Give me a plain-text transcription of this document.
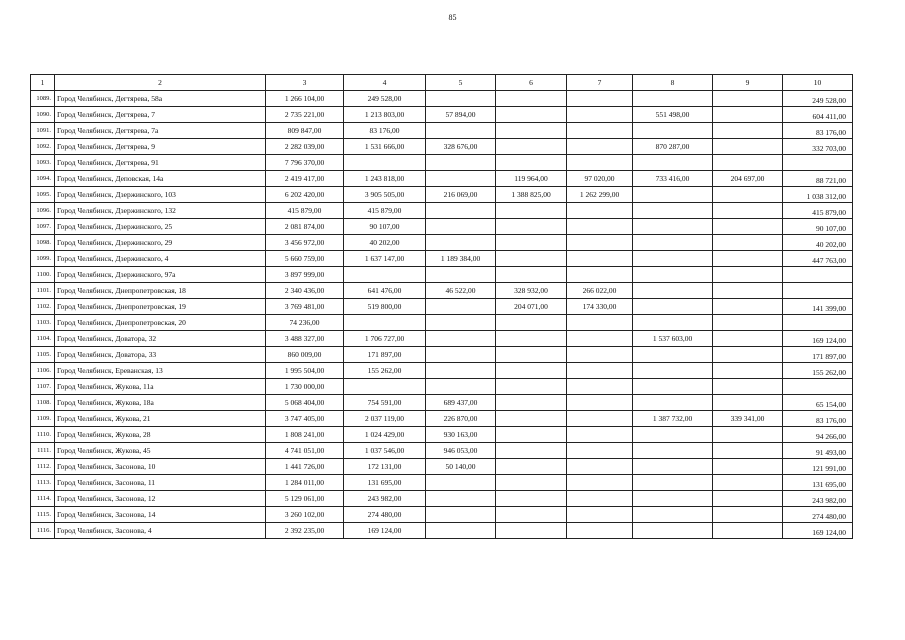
85
1	2	3	4	5	6	7	8	9	10
1089.	Город Челябинск, Дегтярева, 58а	1 266 104,00	249 528,00						249 528,00
1090.	Город Челябинск, Дегтярева, 7	2 735 221,00	1 213 803,00	57 894,00			551 498,00		604 411,00
1091.	Город Челябинск, Дегтярева, 7а	809 847,00	83 176,00						83 176,00
1092.	Город Челябинск, Дегтярева, 9	2 282 039,00	1 531 666,00	328 676,00			870 287,00		332 703,00
1093.	Город Челябинск, Дегтярева, 91	7 796 370,00							
1094.	Город Челябинск, Деповская, 14а	2 419 417,00	1 243 818,00		119 964,00	97 020,00	733 416,00	204 697,00	88 721,00
1095.	Город Челябинск, Дзержинского, 103	6 202 420,00	3 905 505,00	216 069,00	1 388 825,00	1 262 299,00			1 038 312,00
1096.	Город Челябинск, Дзержинского, 132	415 879,00	415 879,00						415 879,00
1097.	Город Челябинск, Дзержинского, 25	2 081 874,00	90 107,00						90 107,00
1098.	Город Челябинск, Дзержинского, 29	3 456 972,00	40 202,00						40 202,00
1099.	Город Челябинск, Дзержинского, 4	5 660 759,00	1 637 147,00	1 189 384,00					447 763,00
1100.	Город Челябинск, Дзержинского, 97а	3 897 999,00							
1101.	Город Челябинск, Днепропетровская, 18	2 340 436,00	641 476,00	46 522,00	328 932,00	266 022,00			
1102.	Город Челябинск, Днепропетровская, 19	3 769 481,00	519 800,00		204 071,00	174 330,00			141 399,00
1103.	Город Челябинск, Днепропетровская, 20	74 236,00							
1104.	Город Челябинск, Доватора, 32	3 488 327,00	1 706 727,00				1 537 603,00		169 124,00
1105.	Город Челябинск, Доватора, 33	860 009,00	171 897,00						171 897,00
1106.	Город Челябинск, Ереванская, 13	1 995 504,00	155 262,00						155 262,00
1107.	Город Челябинск, Жукова, 11а	1 730 000,00							
1108.	Город Челябинск, Жукова, 18а	5 068 404,00	754 591,00	689 437,00					65 154,00
1109.	Город Челябинск, Жукова, 21	3 747 405,00	2 037 119,00	226 870,00			1 387 732,00	339 341,00	83 176,00
1110.	Город Челябинск, Жукова, 28	1 808 241,00	1 024 429,00	930 163,00					94 266,00
1111.	Город Челябинск, Жукова, 45	4 741 051,00	1 037 546,00	946 053,00					91 493,00
1112.	Город Челябинск, Засонова, 10	1 441 726,00	172 131,00	50 140,00					121 991,00
1113.	Город Челябинск, Засонова, 11	1 284 011,00	131 695,00						131 695,00
1114.	Город Челябинск, Засонова, 12	5 129 061,00	243 982,00						243 982,00
1115.	Город Челябинск, Засонова, 14	3 260 102,00	274 480,00						274 480,00
1116.	Город Челябинск, Засонова, 4	2 392 235,00	169 124,00						169 124,00
